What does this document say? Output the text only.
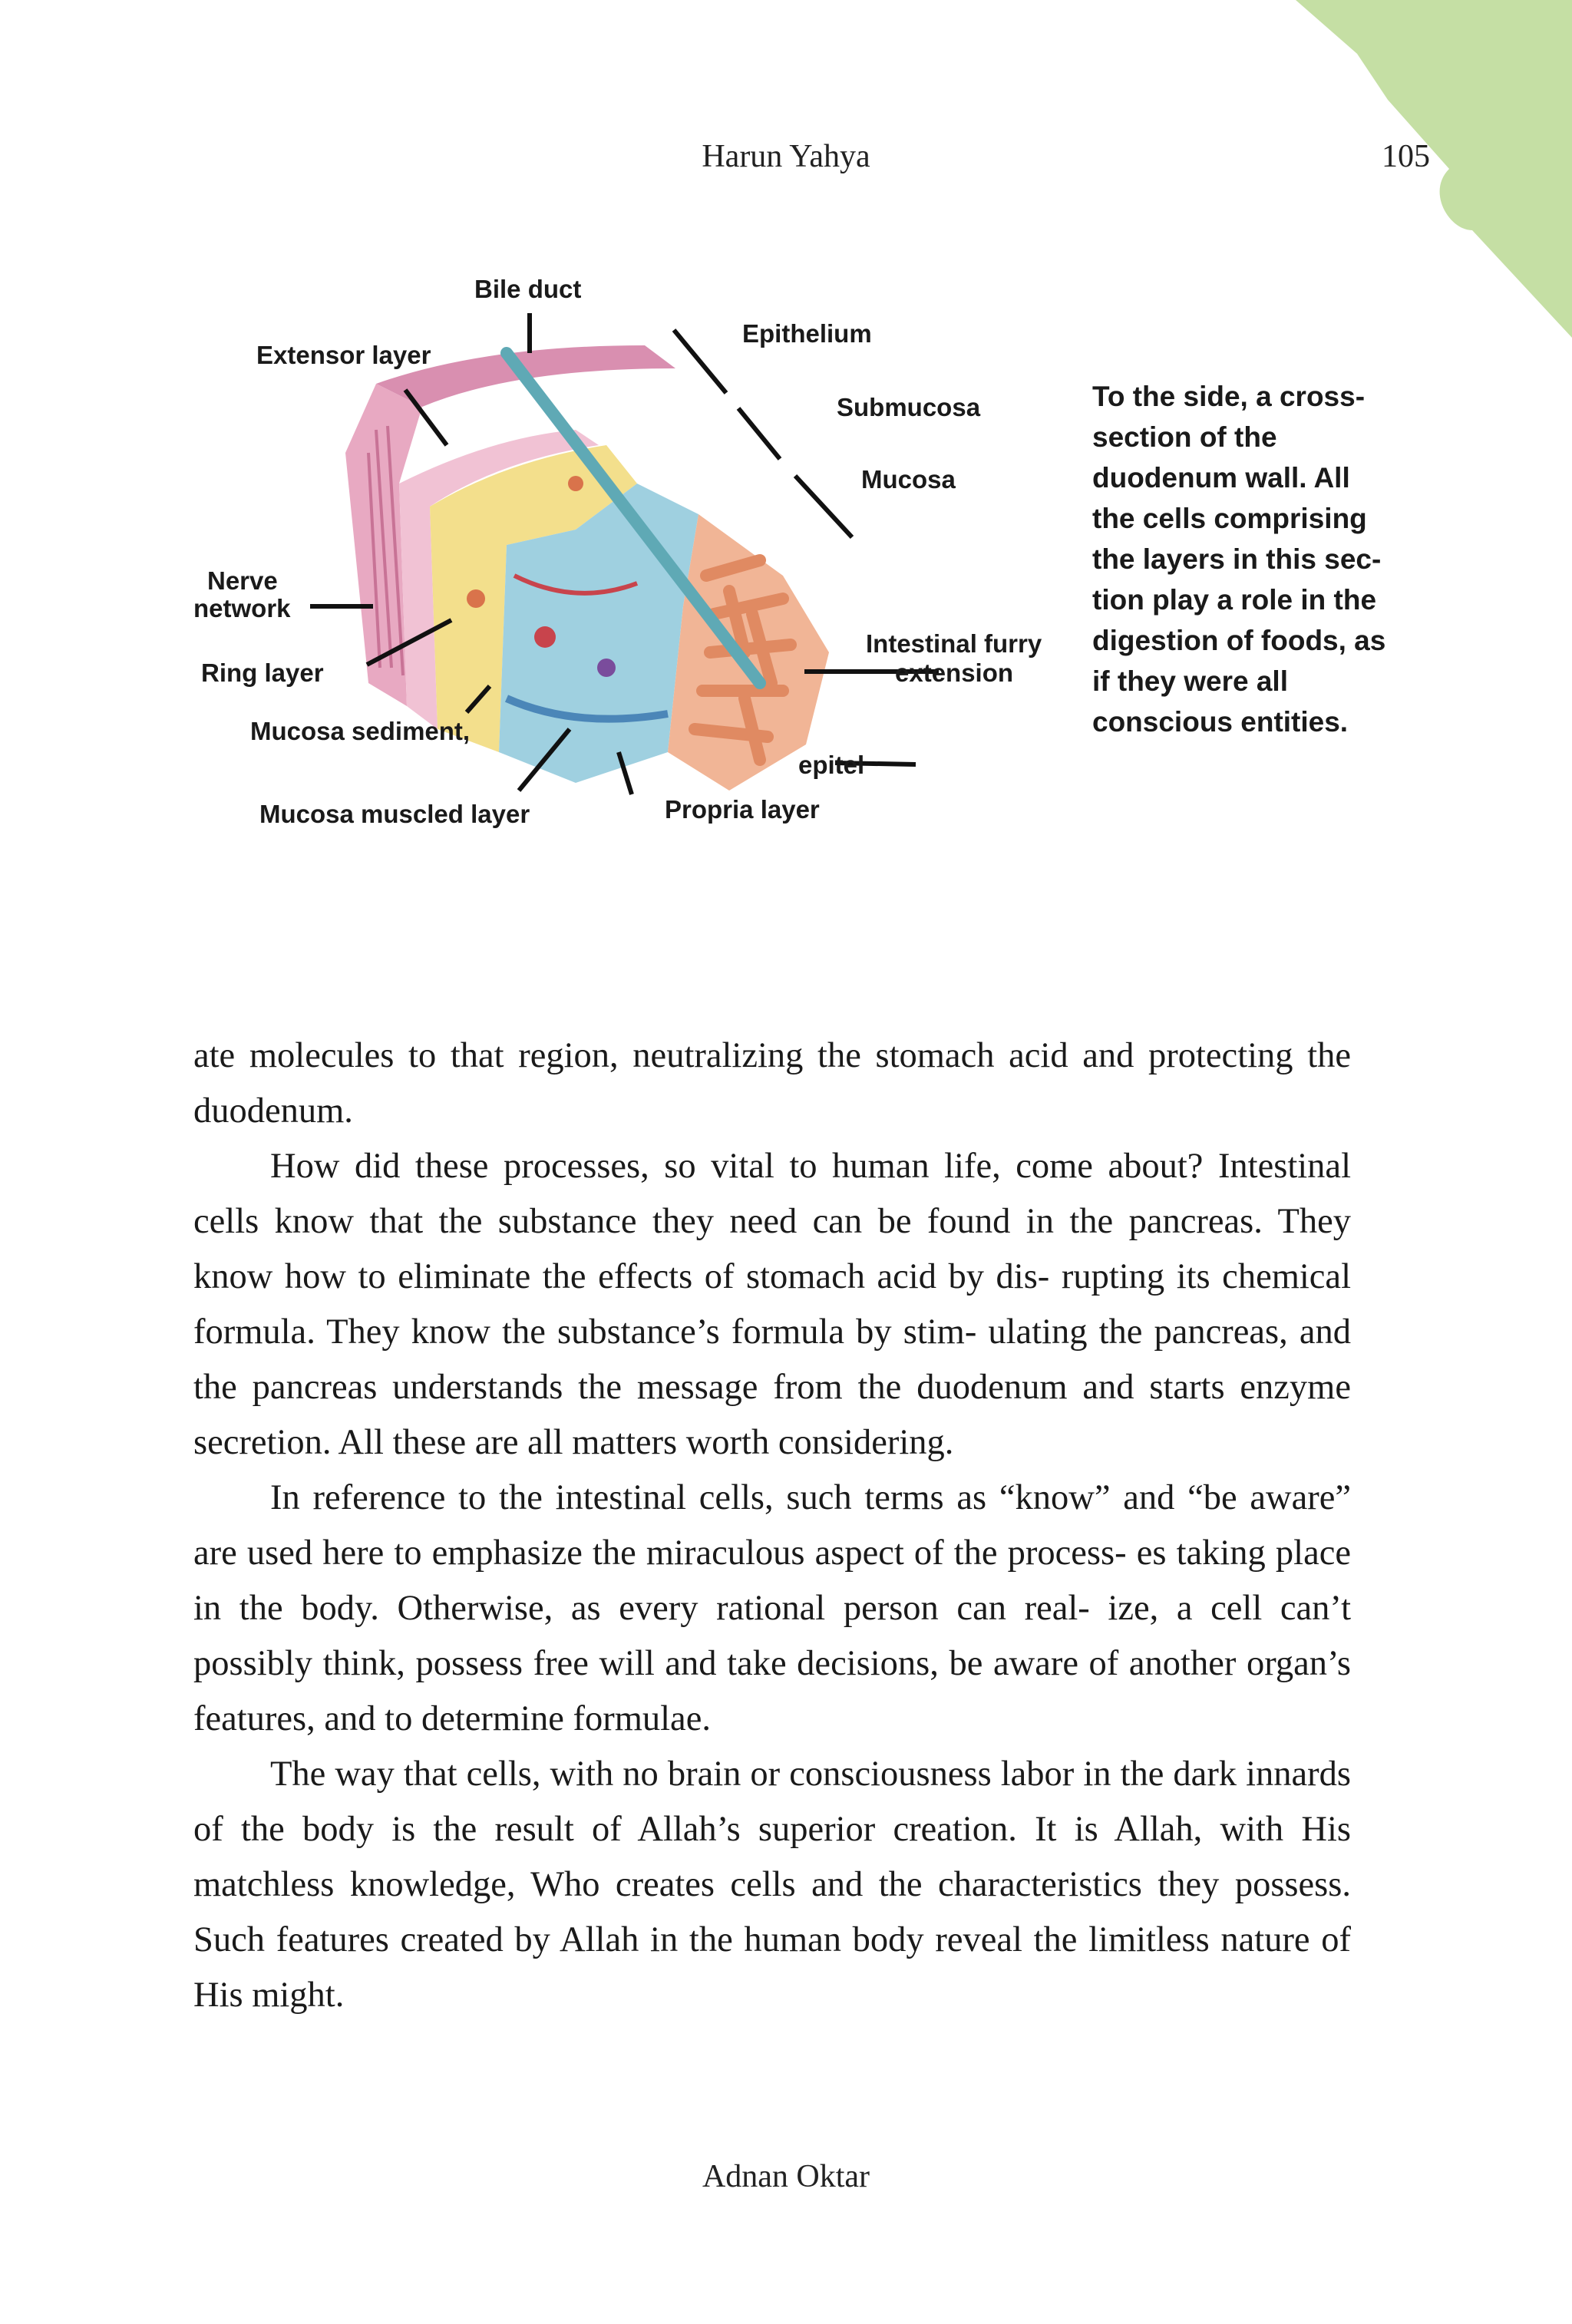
Harun Yahya	105
Bile duct
Extensor layer
Epithelium
Submucosa
Mucosa
Nerve
network
Ring layer
Intestinal furry
extension
Mucosa sediment,
epitel
Mucosa muscled layer	Propria layer
To the side, a cross-section of the duodenum wall. All the cells comprising the layers in this sec- tion play a role in the digestion of foods, as if they were all conscious entities.

ate molecules to that region, neutralizing the stomach acid and protecting the duodenum.

How did these processes, so vital to human life, come about? Intestinal cells know that the substance they need can be found in the pancreas. They know how to eliminate the effects of stomach acid by dis- rupting its chemical formula. They know the substance’s formula by stim- ulating the pancreas, and the pancreas understands the message from the duodenum and starts enzyme secretion. All these are all matters worth considering.

In reference to the intestinal cells, such terms as “know” and “be aware” are used here to emphasize the miraculous aspect of the process- es taking place in the body. Otherwise, as every rational person can real- ize, a cell can’t possibly think, possess free will and take decisions, be aware of another organ’s features, and to determine formulae.

The way that cells, with no brain or consciousness labor in the dark innards of the body is the result of Allah’s superior creation. It is Allah, with His matchless knowledge, Who creates cells and the characteristics they possess. Such features created by Allah in the human body reveal the limitless nature of His might.

Adnan Oktar
